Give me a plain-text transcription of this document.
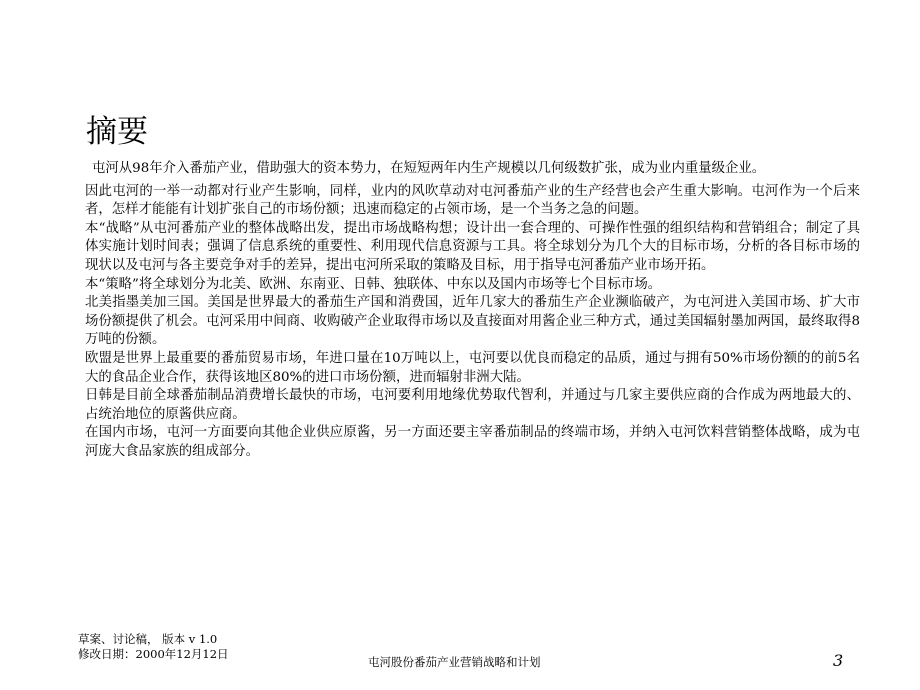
摘要

屯河从98年介入番茄产业，借助强大的资本势力，在短短两年内生产规模以几何级数扩张，成为业内重量级企业。

因此屯河的一举一动都对行业产生影响，同样，业内的风吹草动对屯河番茄产业的生产经营也会产生重大影响。屯河作为一个后来者，怎样才能能有计划扩张自己的市场份额；迅速而稳定的占领市场，是一个当务之急的问题。

本“战略”从屯河番茄产业的整体战略出发，提出市场战略构想；设计出一套合理的、可操作性强的组织结构和营销组合；制定了具体实施计划时间表；强调了信息系统的重要性、利用现代信息资源与工具。将全球划分为几个大的目标市场，分析的各目标市场的现状以及屯河与各主要竞争对手的差异，提出屯河所采取的策略及目标，用于指导屯河番茄产业市场开拓。

本“策略”将全球划分为北美、欧洲、东南亚、日韩、独联体、中东以及国内市场等七个目标市场。

北美指墨美加三国。美国是世界最大的番茄生产国和消费国，近年几家大的番茄生产企业濒临破产，为屯河进入美国市场、扩大市场份额提供了机会。屯河采用中间商、收购破产企业取得市场以及直接面对用酱企业三种方式，通过美国辐射墨加两国，最终取得8万吨的份额。

欧盟是世界上最重要的番茄贸易市场，年进口量在10万吨以上，屯河要以优良而稳定的品质，通过与拥有50%市场份额的的前5名大的食品企业合作，获得该地区80%的进口市场份额，进而辐射非洲大陆。

日韩是目前全球番茄制品消费增长最快的市场，屯河要利用地缘优势取代智利，并通过与几家主要供应商的合作成为两地最大的、占统治地位的原酱供应商。

在国内市场，屯河一方面要向其他企业供应原酱，另一方面还要主宰番茄制品的终端市场，并纳入屯河饮料营销整体战略，成为屯河庞大食品家族的组成部分。

草案、讨论稿， 版本 v 1.0
修改日期：2000年12月12日
屯河股份番茄产业营销战略和计划	3
